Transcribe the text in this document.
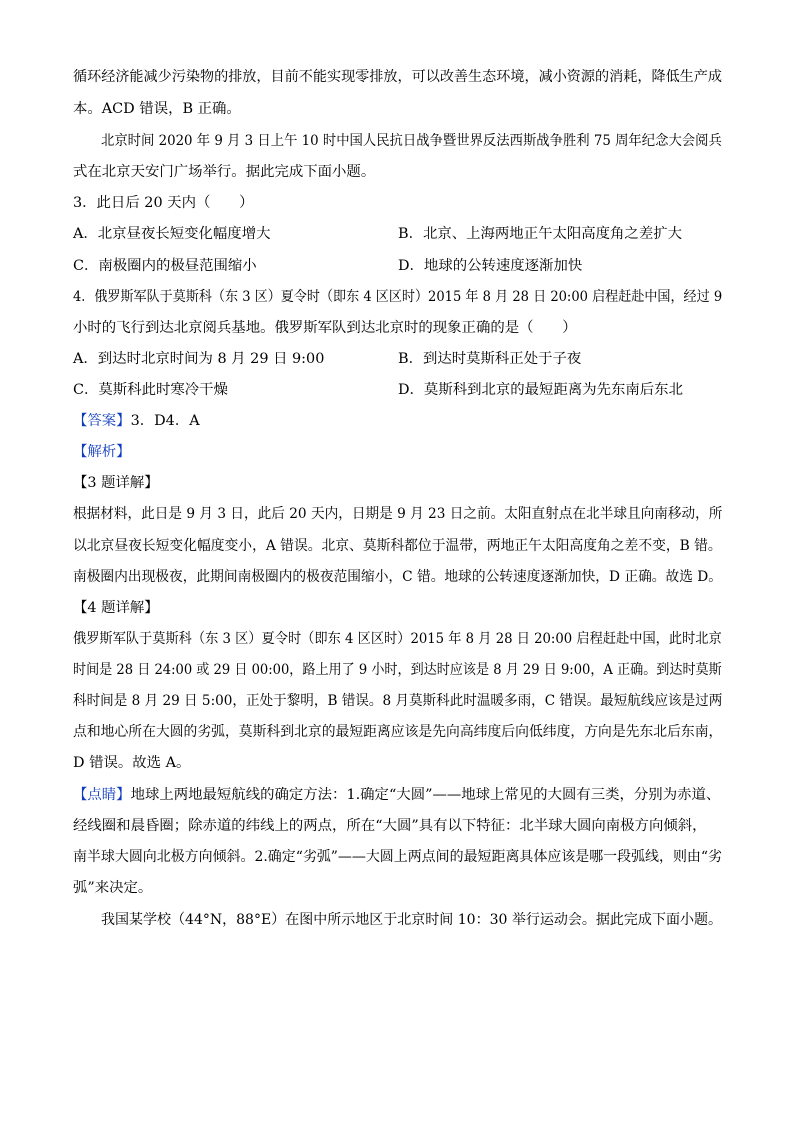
循环经济能减少污染物的排放，目前不能实现零排放，可以改善生态环境，减小资源的消耗，降低生产成
本。ACD 错误，B 正确。
北京时间 2020 年 9 月 3 日上午 10 时中国人民抗日战争暨世界反法西斯战争胜利 75 周年纪念大会阅兵
式在北京天安门广场举行。据此完成下面小题。
3．此日后 20 天内（　　）
A．北京昼夜长短变化幅度增大	B．北京、上海两地正午太阳高度角之差扩大
C．南极圈内的极昼范围缩小	D．地球的公转速度逐渐加快
4．俄罗斯军队于莫斯科（东 3 区）夏令时（即东 4 区区时）2015 年 8 月 28 日 20:00 启程赶赴中国，经过 9
小时的飞行到达北京阅兵基地。俄罗斯军队到达北京时的现象正确的是（　　）
A．到达时北京时间为 8 月 29 日 9:00	B．到达时莫斯科正处于子夜
C．莫斯科此时寒冷干燥	D．莫斯科到北京的最短距离为先东南后东北
【答案】3．D4．A
【解析】
【3 题详解】
根据材料，此日是 9 月 3 日，此后 20 天内，日期是 9 月 23 日之前。太阳直射点在北半球且向南移动，所
以北京昼夜长短变化幅度变小，A 错误。北京、莫斯科都位于温带，两地正午太阳高度角之差不变，B 错。
南极圈内出现极夜，此期间南极圈内的极夜范围缩小，C 错。地球的公转速度逐渐加快，D 正确。故选 D。
【4 题详解】
俄罗斯军队于莫斯科（东 3 区）夏令时（即东 4 区区时）2015 年 8 月 28 日 20:00 启程赶赴中国，此时北京
时间是 28 日 24:00 或 29 日 00:00，路上用了 9 小时，到达时应该是 8 月 29 日 9:00，A 正确。到达时莫斯
科时间是 8 月 29 日 5:00，正处于黎明，B 错误。8 月莫斯科此时温暖多雨，C 错误。最短航线应该是过两
点和地心所在大圆的劣弧，莫斯科到北京的最短距离应该是先向高纬度后向低纬度，方向是先东北后东南，
D 错误。故选 A。
【点睛】地球上两地最短航线的确定方法：1.确定“大圆”——地球上常见的大圆有三类，分别为赤道、
经线圈和晨昏圈；除赤道的纬线上的两点，所在“大圆”具有以下特征：北半球大圆向南极方向倾斜，
南半球大圆向北极方向倾斜。2.确定“劣弧”——大圆上两点间的最短距离具体应该是哪一段弧线，则由“劣
弧”来决定。
我国某学校（44°N，88°E）在图中所示地区于北京时间 10：30 举行运动会。据此完成下面小题。
